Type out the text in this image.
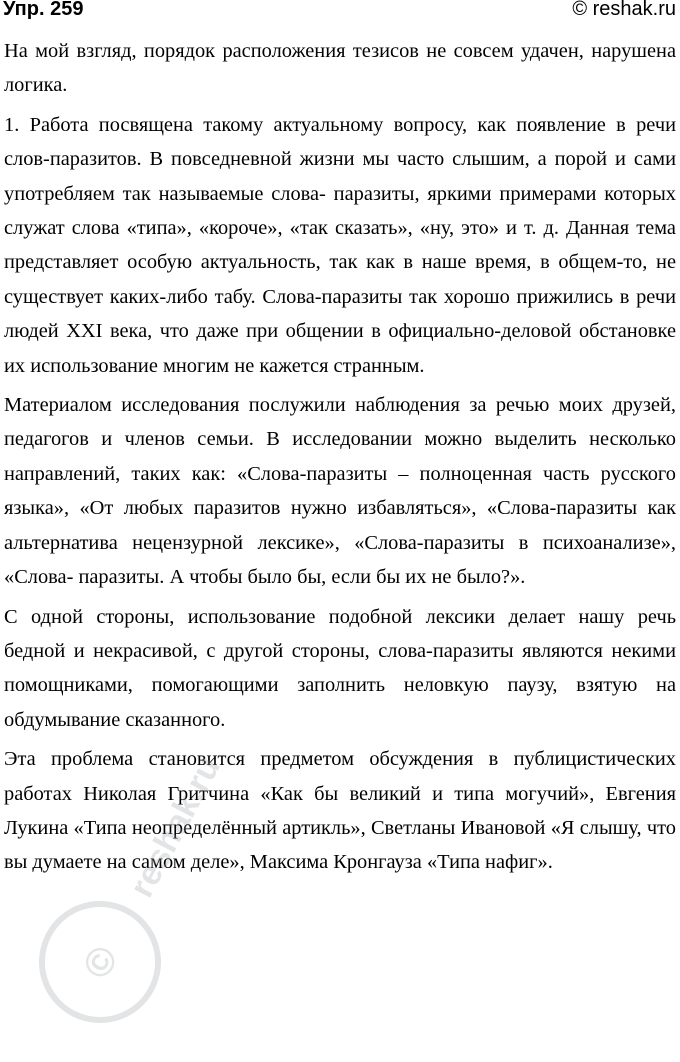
Упр. 259	© reshak.ru

На мой взгляд, порядок расположения тезисов не совсем удачен, нарушена логика.

1. Работа посвящена такому актуальному вопросу, как появление в речи слов-паразитов. В повседневной жизни мы часто слышим, а порой и сами употребляем так называемые слова- паразиты, яркими примерами которых служат слова «типа», «короче», «так сказать», «ну, это» и т. д. Данная тема представляет особую актуальность, так как в наше время, в общем-то, не существует каких-либо табу. Слова-паразиты так хорошо прижились в речи людей XXI века, что даже при общении в официально-деловой обстановке их использование многим не кажется странным.

Материалом исследования послужили наблюдения за речью моих друзей, педагогов и членов семьи. В исследовании можно выделить несколько направлений, таких как: «Слова-паразиты – полноценная часть русского языка», «От любых паразитов нужно избавляться», «Слова-паразиты как альтернатива нецензурной лексике», «Слова-паразиты в психоанализе», «Слова- паразиты. А чтобы было бы, если бы их не было?».

С одной стороны, использование подобной лексики делает нашу речь бедной и некрасивой, с другой стороны, слова-паразиты являются некими помощниками, помогающими заполнить неловкую паузу, взятую на обдумывание сказанного.

Эта проблема становится предметом обсуждения в публицистических работах Николая Гритчина «Как бы великий и типа могучий», Евгения Лукина «Типа неопределённый артикль», Светланы Ивановой «Я слышу, что вы думаете на самом деле», Максима Кронгауза «Типа нафиг».

©
reshak.ru
